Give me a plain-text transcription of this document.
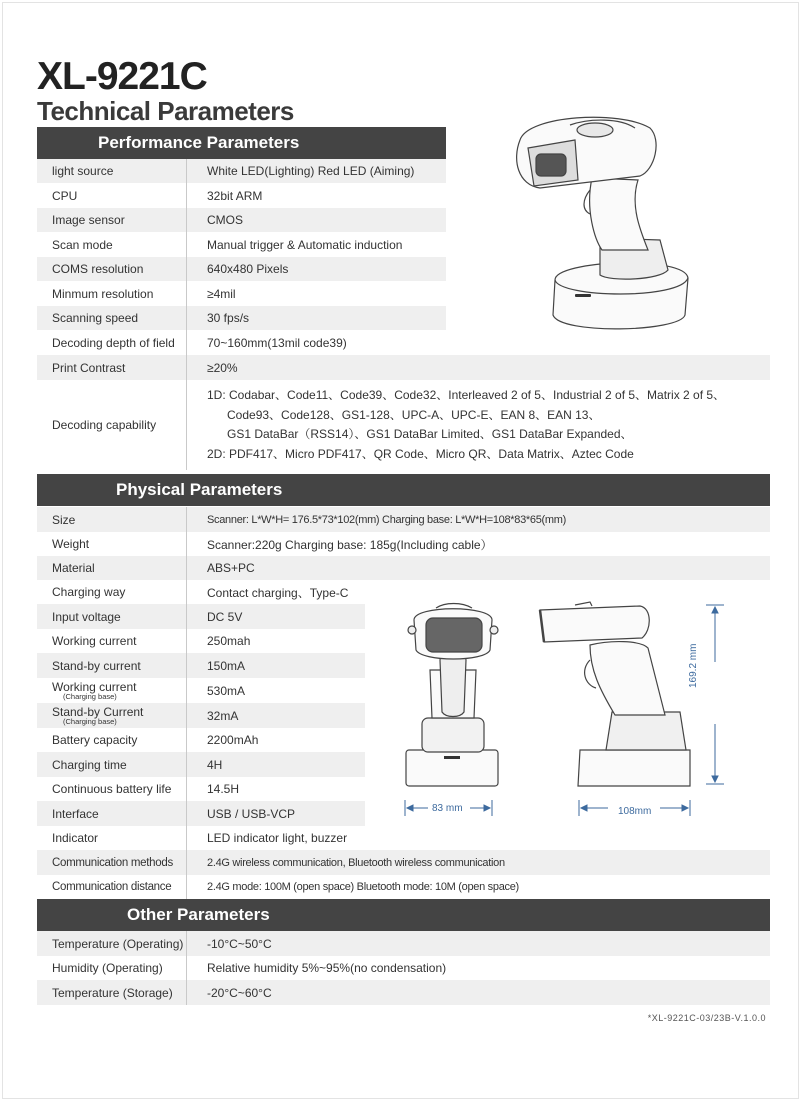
XL-9221C
Technical Parameters
Performance Parameters
light source	White LED(Lighting) Red LED (Aiming)
CPU	32bit ARM
Image sensor	CMOS
Scan mode	Manual trigger & Automatic induction
COMS resolution	640x480 Pixels
Minmum resolution	≥4mil
Scanning speed	30 fps/s
Decoding depth of field	70~160mm(13mil code39)
Print Contrast	≥20%
Decoding capability
1D: Codabar、Code11、Code39、Code32、Interleaved 2 of 5、Industrial 2 of 5、Matrix 2 of 5、
Code93、Code128、GS1-128、UPC-A、UPC-E、EAN 8、EAN 13、
GS1 DataBar（RSS14）、GS1 DataBar Limited、GS1 DataBar Expanded、
2D: PDF417、Micro PDF417、QR Code、Micro QR、Data Matrix、Aztec Code
Physical Parameters
Size	Scanner: L*W*H= 176.5*73*102(mm) Charging base: L*W*H=108*83*65(mm)
Weight	Scanner:220g Charging base: 185g(Including cable）
Material	ABS+PC
Charging way	Contact charging、Type-C
Input voltage	DC 5V
Working current	250mah
Stand-by current	150mA
Working current
(Charging base)	530mA
Stand-by Current
(Charging base)	32mA
Battery capacity	2200mAh
Charging time	4H
Continuous battery life	14.5H
Interface	USB / USB-VCP
Indicator	LED indicator light, buzzer
Communication methods	2.4G wireless communication, Bluetooth wireless communication
Communication distance	2.4G mode: 100M (open space) Bluetooth mode: 10M (open space)
Other Parameters
Temperature (Operating) -10°C~50°C
Humidity (Operating)	Relative humidity 5%~95%(no condensation)
Temperature (Storage)	-20°C~60°C
*XL-9221C-03/23B-V.1.0.0
83 mm	108mm
169.2 mm
